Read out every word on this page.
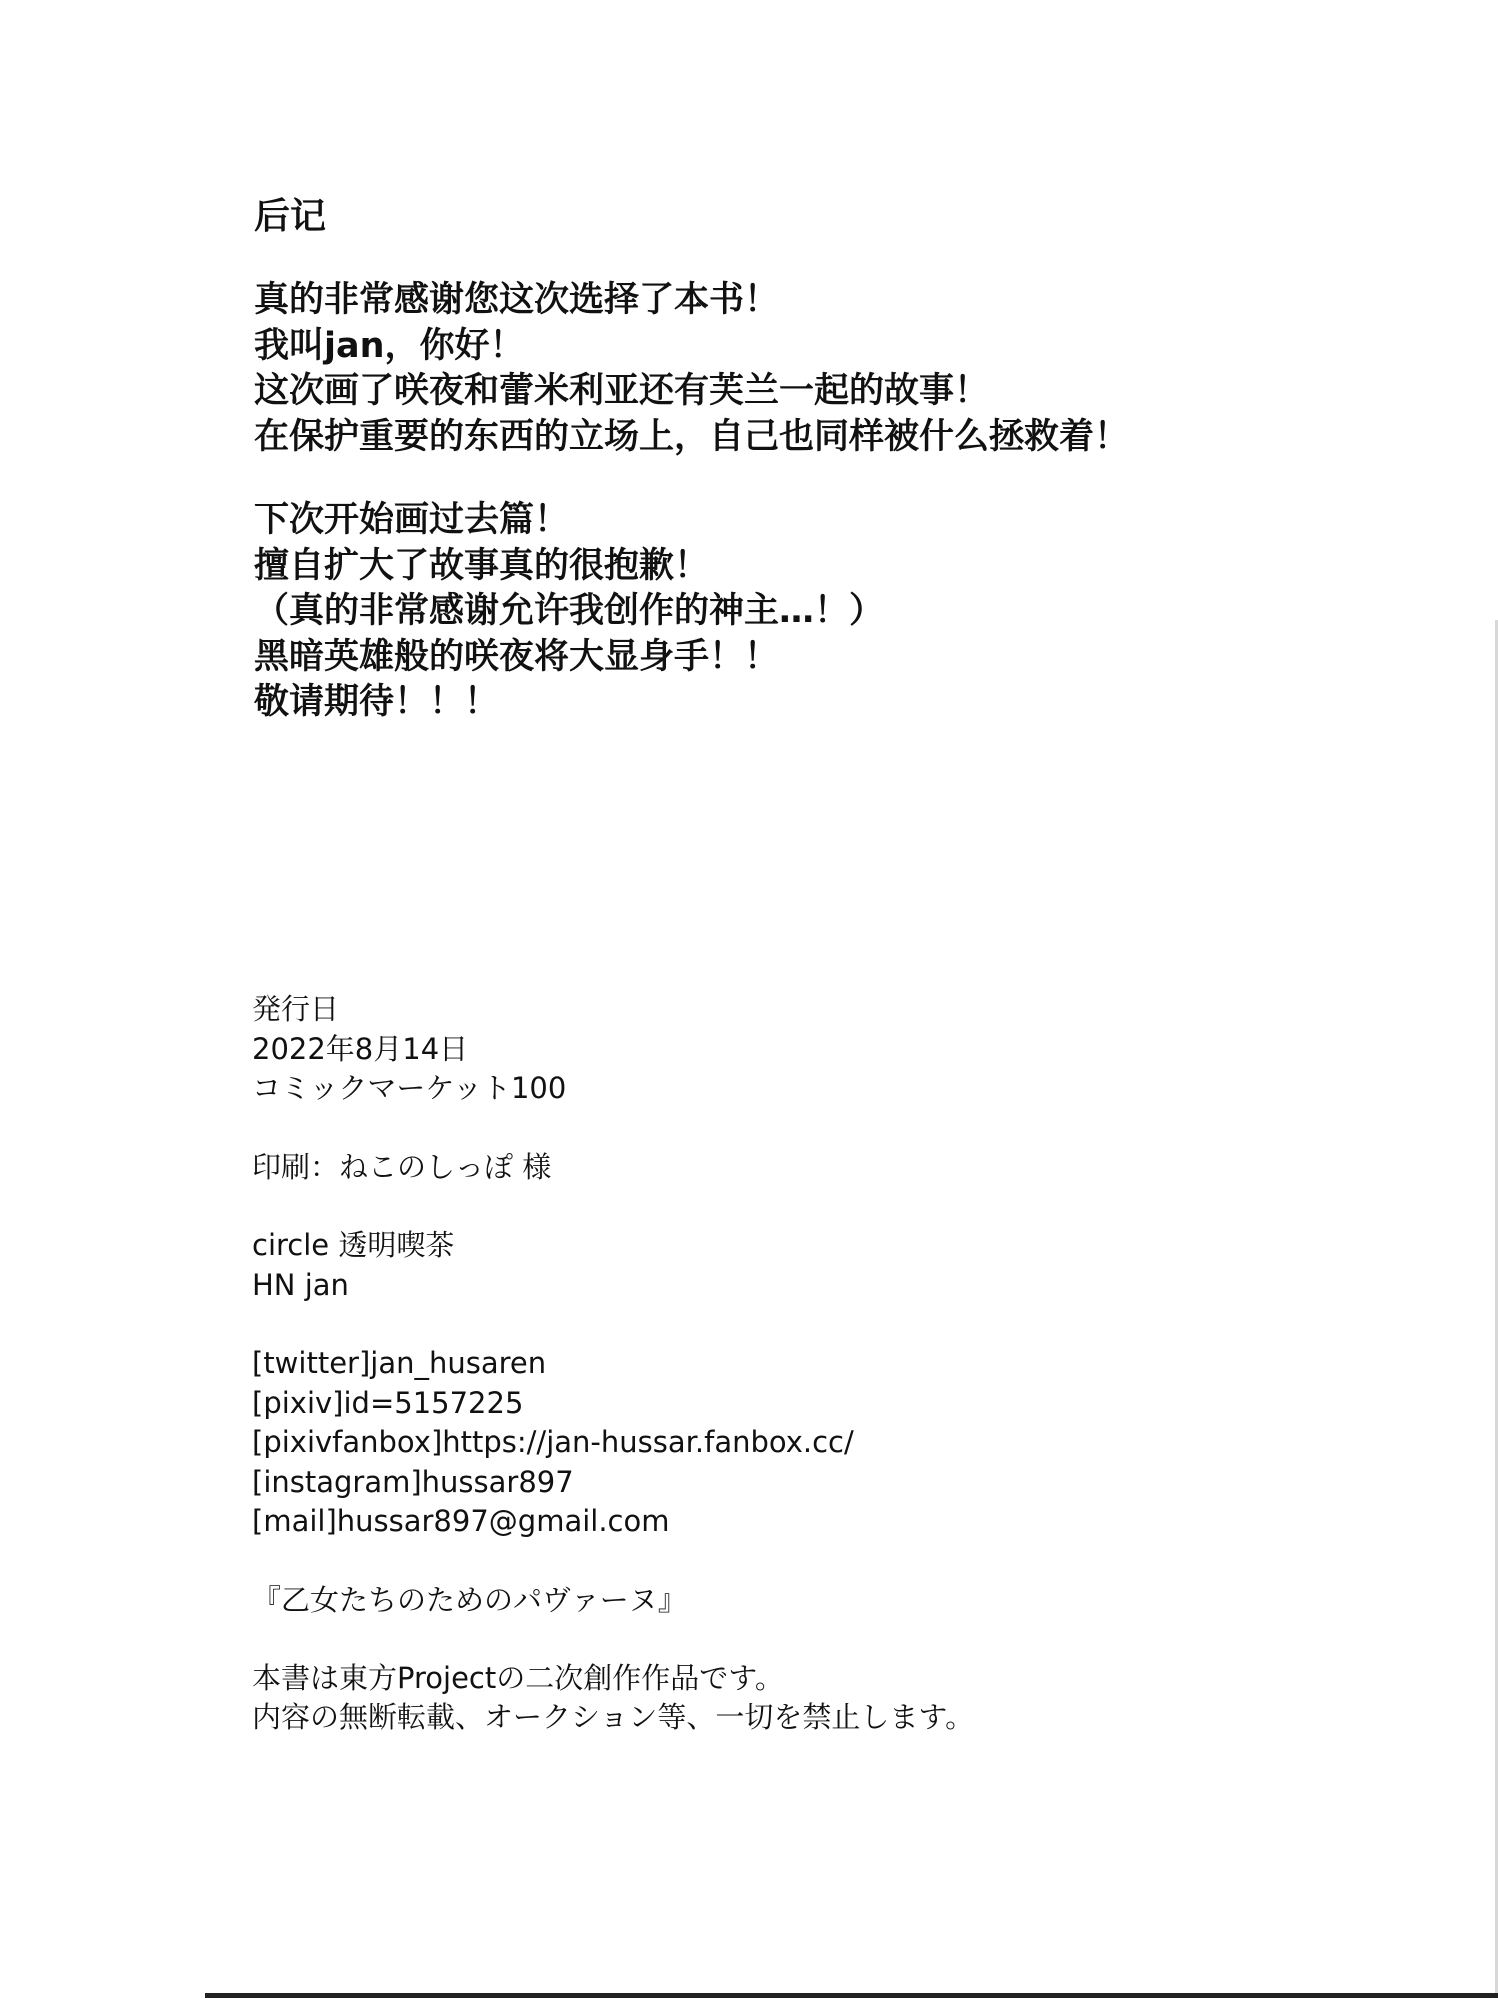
后记
真的非常感谢您这次选择了本书！
我叫jan，你好！
这次画了咲夜和蕾米利亚还有芙兰一起的故事！
在保护重要的东西的立场上，自己也同样被什么拯救着！
下次开始画过去篇！
擅自扩大了故事真的很抱歉！
（真的非常感谢允许我创作的神主…！）
黑暗英雄般的咲夜将大显身手！！
敬请期待！！！
発行日
2022年8月14日
コミックマーケット100
印刷：ねこのしっぽ 様
circle 透明喫茶
HN jan
[twitter]jan_husaren
[pixiv]id=5157225
[pixivfanbox]https://jan-hussar.fanbox.cc/
[instagram]hussar897
[mail]hussar897@gmail.com
『乙女たちのためのパヴァーヌ』
本書は東方Projectの二次創作作品です。
内容の無断転載、オークション等、一切を禁止します。
